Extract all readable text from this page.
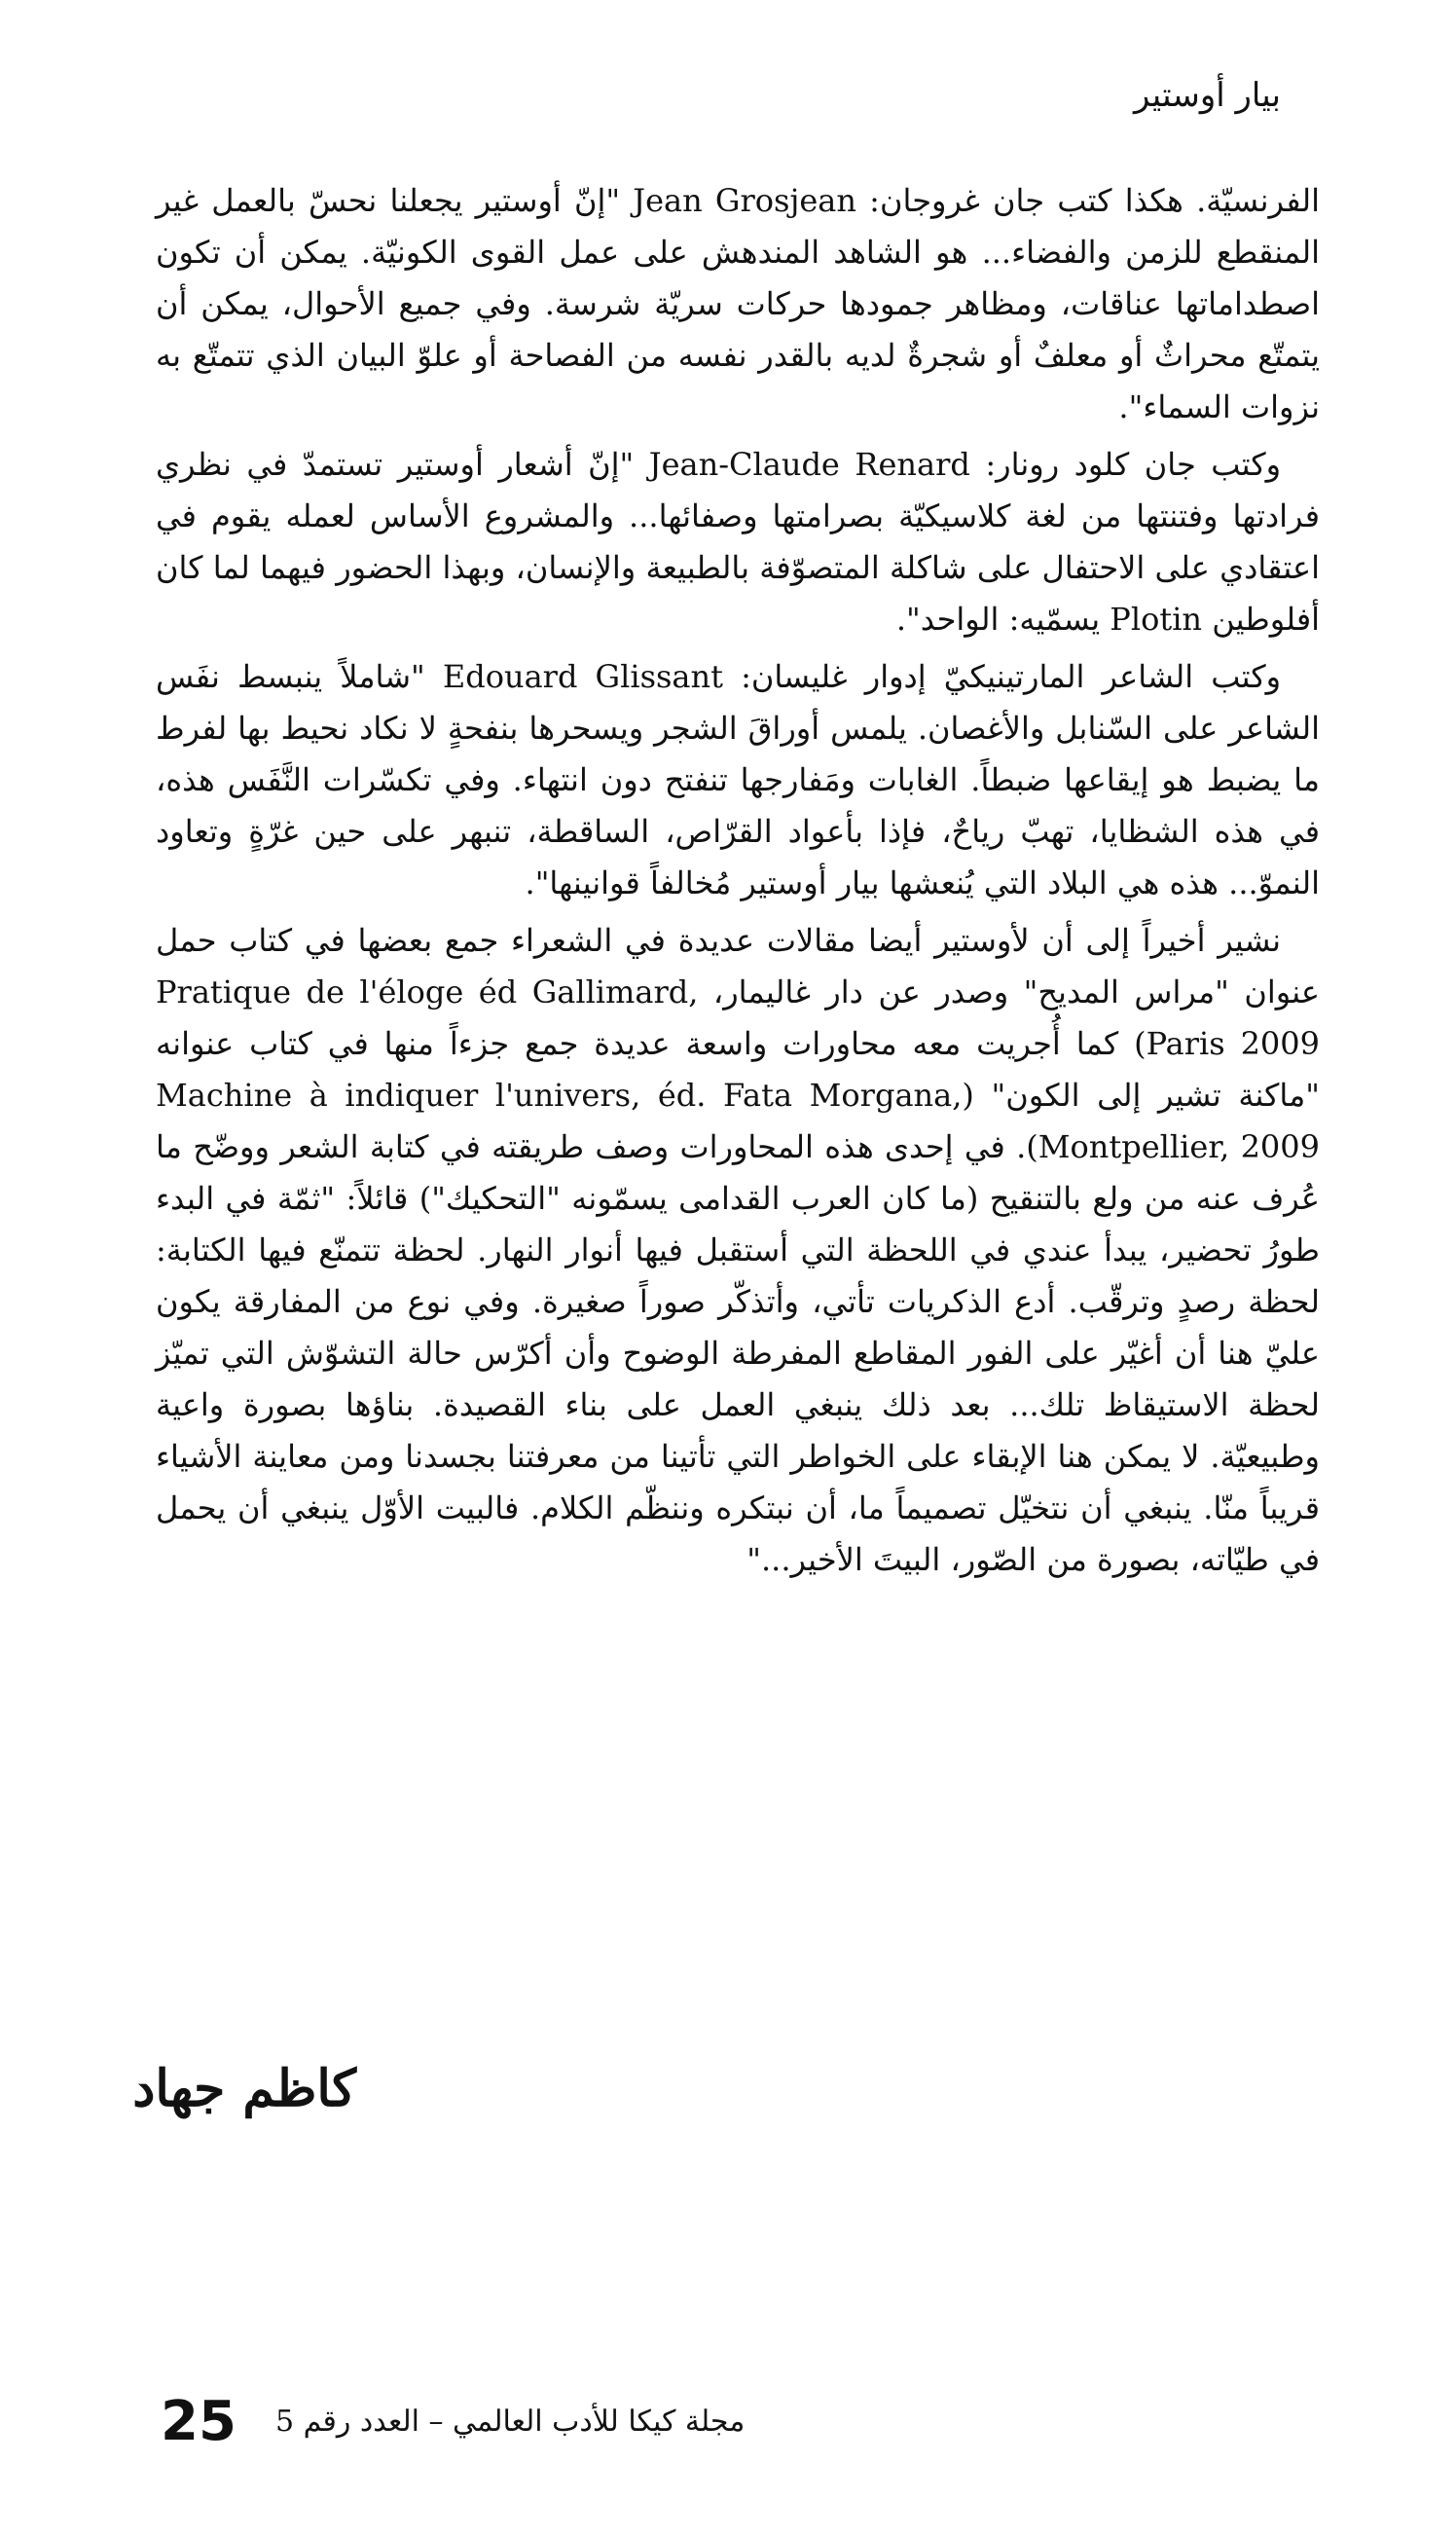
بيار أوستير

الفرنسيّة. هكذا كتب جان غروجان: Jean Grosjean "إنّ أوستير يجعلنا نحسّ بالعمل غير المنقطع للزمن والفضاء... هو الشاهد المندهش على عمل القوى الكونيّة. يمكن أن تكون اصطداماتها عناقات، ومظاهر جمودها حركات سريّة شرسة. وفي جميع الأحوال، يمكن أن يتمتّع محراثٌ أو معلفٌ أو شجرةٌ لديه بالقدر نفسه من الفصاحة أو علوّ البيان الذي تتمتّع به نزوات السماء".

وكتب جان كلود رونار: Jean-Claude Renard "إنّ أشعار أوستير تستمدّ في نظري فرادتها وفتنتها من لغة كلاسيكيّة بصرامتها وصفائها... والمشروع الأساس لعمله يقوم في اعتقادي على الاحتفال على شاكلة المتصوّفة بالطبيعة والإنسان، وبهذا الحضور فيهما لما كان أفلوطين Plotin يسمّيه: الواحد".

وكتب الشاعر المارتينيكيّ إدوار غليسان: Edouard Glissant "شاملاً ينبسط نفَس الشاعر على السّنابل والأغصان. يلمس أوراقَ الشجر ويسحرها بنفحةٍ لا نكاد نحيط بها لفرط ما يضبط هو إيقاعها ضبطاً. الغابات ومَفارجها تنفتح دون انتهاء. وفي تكسّرات النَّفَس هذه، في هذه الشظايا، تهبّ رياحٌ، فإذا بأعواد القرّاص، الساقطة، تنبهر على حين غرّةٍ وتعاود النموّ... هذه هي البلاد التي يُنعشها بيار أوستير مُخالفاً قوانينها".

نشير أخيراً إلى أن لأوستير أيضا مقالات عديدة في الشعراء جمع بعضها في كتاب حمل عنوان "مراس المديح" وصدر عن دار غاليمار، Pratique de l'éloge éd Gallimard, Paris 2009) كما أُجريت معه محاورات واسعة عديدة جمع جزءاً منها في كتاب عنوانه "ماكنة تشير إلى الكون" (Machine à indiquer l'univers, éd. Fata Morgana, Montpellier, 2009). في إحدى هذه المحاورات وصف طريقته في كتابة الشعر ووضّح ما عُرف عنه من ولع بالتنقيح (ما كان العرب القدامى يسمّونه "التحكيك") قائلاً: "ثمّة في البدء طورُ تحضير، يبدأ عندي في اللحظة التي أستقبل فيها أنوار النهار. لحظة تتمنّع فيها الكتابة: لحظة رصدٍ وترقّب. أدع الذكريات تأتي، وأتذكّر صوراً صغيرة. وفي نوع من المفارقة يكون عليّ هنا أن أغيّر على الفور المقاطع المفرطة الوضوح وأن أكرّس حالة التشوّش التي تميّز لحظة الاستيقاظ تلك... بعد ذلك ينبغي العمل على بناء القصيدة. بناؤها بصورة واعية وطبيعيّة. لا يمكن هنا الإبقاء على الخواطر التي تأتينا من معرفتنا بجسدنا ومن معاينة الأشياء قريباً منّا. ينبغي أن نتخيّل تصميماً ما، أن نبتكره وننظّم الكلام. فالبيت الأوّل ينبغي أن يحمل في طيّاته، بصورة من الصّور، البيتَ الأخير..."

كاظم جهاد

25 مجلة كيكا للأدب العالمي – العدد رقم 5
